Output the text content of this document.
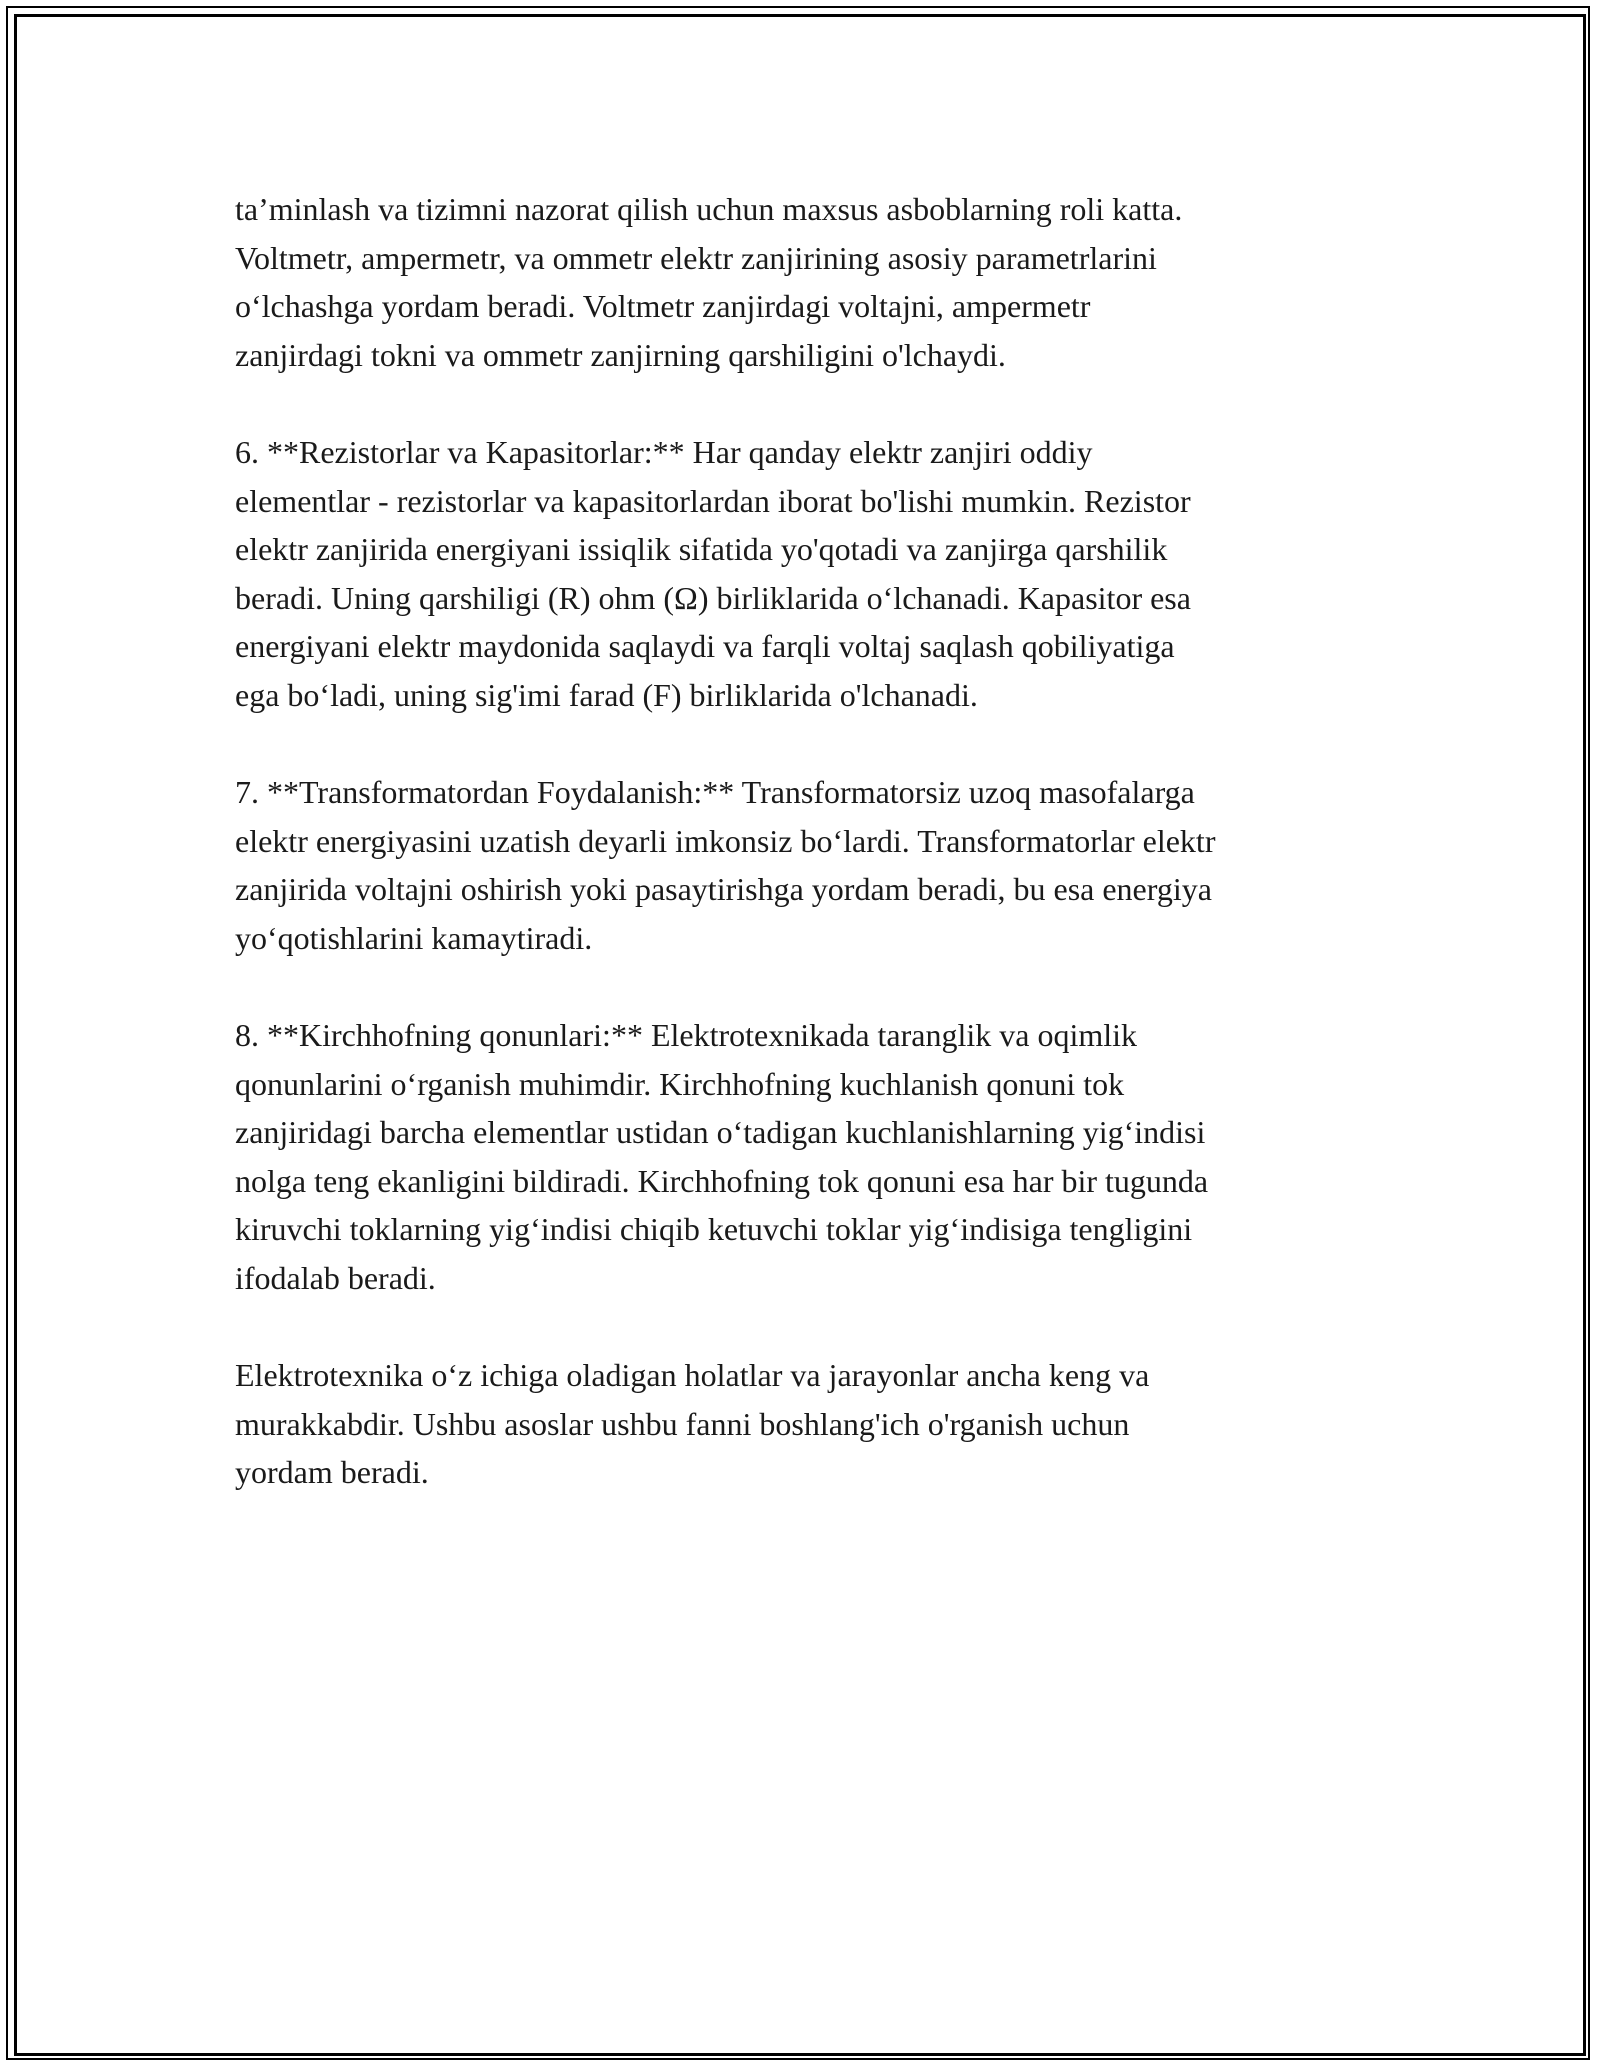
ta’minlash va tizimni nazorat qilish uchun maxsus asboblarning roli katta.
Voltmetr, ampermetr, va ommetr elektr zanjirining asosiy parametrlarini
o‘lchashga yordam beradi. Voltmetr zanjirdagi voltajni, ampermetr
zanjirdagi tokni va ommetr zanjirning qarshiligini o'lchaydi.

6. **Rezistorlar va Kapasitorlar:** Har qanday elektr zanjiri oddiy
elementlar - rezistorlar va kapasitorlardan iborat bo'lishi mumkin. Rezistor
elektr zanjirida energiyani issiqlik sifatida yo'qotadi va zanjirga qarshilik
beradi. Uning qarshiligi (R) ohm (Ω) birliklarida o‘lchanadi. Kapasitor esa
energiyani elektr maydonida saqlaydi va farqli voltaj saqlash qobiliyatiga
ega bo‘ladi, uning sig'imi farad (F) birliklarida o'lchanadi.

7. **Transformatordan Foydalanish:** Transformatorsiz uzoq masofalarga
elektr energiyasini uzatish deyarli imkonsiz bo‘lardi. Transformatorlar elektr
zanjirida voltajni oshirish yoki pasaytirishga yordam beradi, bu esa energiya
yo‘qotishlarini kamaytiradi.

8. **Kirchhofning qonunlari:** Elektrotexnikada taranglik va oqimlik
qonunlarini o‘rganish muhimdir. Kirchhofning kuchlanish qonuni tok
zanjiridagi barcha elementlar ustidan o‘tadigan kuchlanishlarning yig‘indisi
nolga teng ekanligini bildiradi. Kirchhofning tok qonuni esa har bir tugunda
kiruvchi toklarning yig‘indisi chiqib ketuvchi toklar yig‘indisiga tengligini
ifodalab beradi.

Elektrotexnika o‘z ichiga oladigan holatlar va jarayonlar ancha keng va
murakkabdir. Ushbu asoslar ushbu fanni boshlang'ich o'rganish uchun
yordam beradi.
